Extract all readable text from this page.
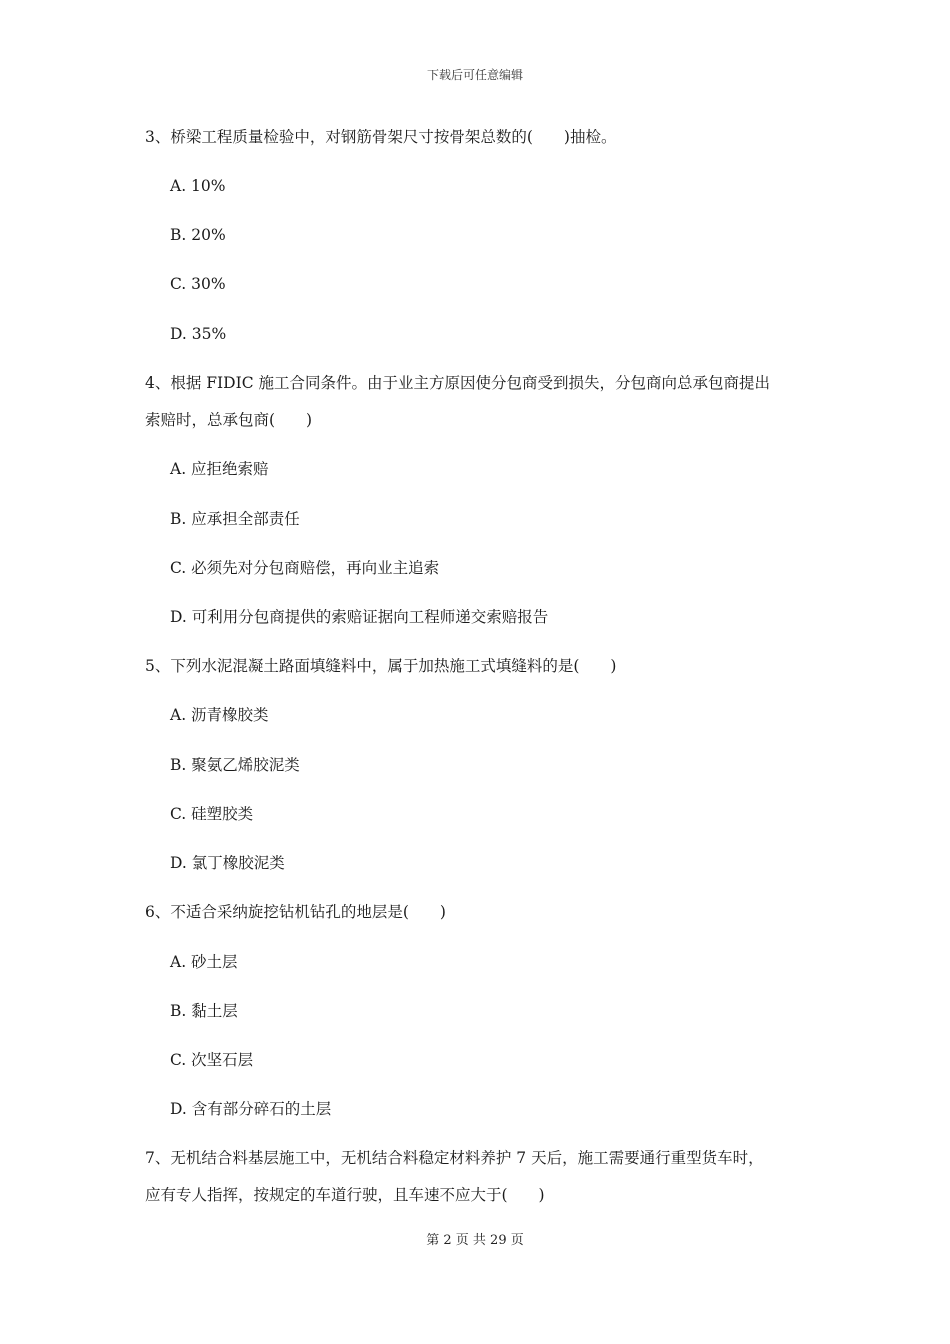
下载后可任意编辑
3、桥梁工程质量检验中，对钢筋骨架尺寸按骨架总数的(　　)抽检。
A. 10%
B. 20%
C. 30%
D. 35%
4、根据 FIDIC 施工合同条件。由于业主方原因使分包商受到损失，分包商向总承包商提出
索赔时，总承包商(　　)
A. 应拒绝索赔
B. 应承担全部责任
C. 必须先对分包商赔偿，再向业主追索
D. 可利用分包商提供的索赔证据向工程师递交索赔报告
5、下列水泥混凝土路面填缝料中，属于加热施工式填缝料的是(　　)
A. 沥青橡胶类
B. 聚氨乙烯胶泥类
C. 硅塑胶类
D. 氯丁橡胶泥类
6、不适合采纳旋挖钻机钻孔的地层是(　　)
A. 砂土层
B. 黏土层
C. 次坚石层
D. 含有部分碎石的土层
7、无机结合料基层施工中，无机结合料稳定材料养护 7 天后，施工需要通行重型货车时，
应有专人指挥，按规定的车道行驶，且车速不应大于(　　)
第 2 页 共 29 页
